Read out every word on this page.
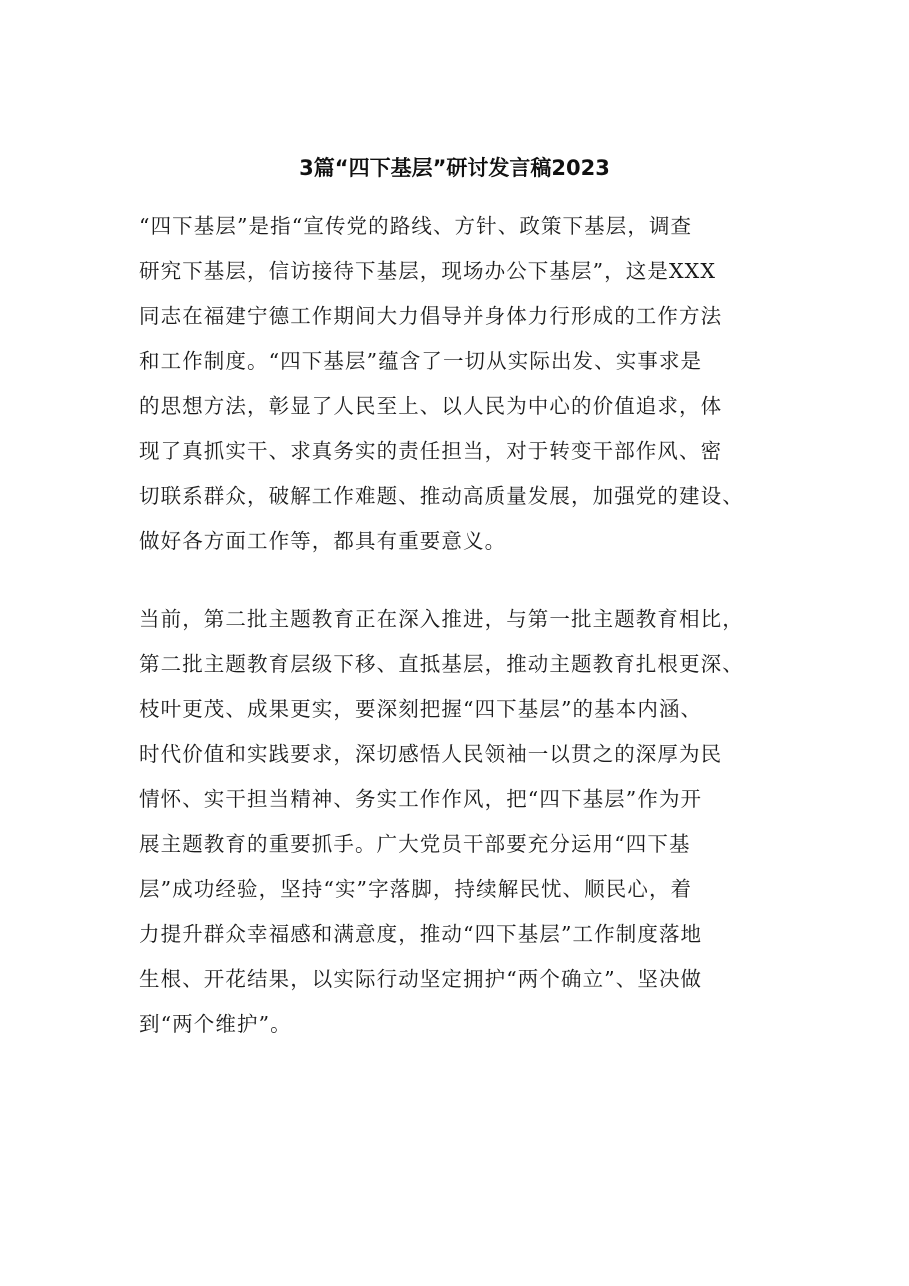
3篇“四下基层”研讨发言稿2023
“四下基层”是指“宣传党的路线、方针、政策下基层，调查
研究下基层，信访接待下基层，现场办公下基层”，这是XXX
同志在福建宁德工作期间大力倡导并身体力行形成的工作方法
和工作制度。“四下基层”蕴含了一切从实际出发、实事求是
的思想方法，彰显了人民至上、以人民为中心的价值追求，体
现了真抓实干、求真务实的责任担当，对于转变干部作风、密
切联系群众，破解工作难题、推动高质量发展，加强党的建设、
做好各方面工作等，都具有重要意义。
当前，第二批主题教育正在深入推进，与第一批主题教育相比，
第二批主题教育层级下移、直抵基层，推动主题教育扎根更深、
枝叶更茂、成果更实，要深刻把握“四下基层”的基本内涵、
时代价值和实践要求，深切感悟人民领袖一以贯之的深厚为民
情怀、实干担当精神、务实工作作风，把“四下基层”作为开
展主题教育的重要抓手。广大党员干部要充分运用“四下基
层”成功经验，坚持“实”字落脚，持续解民忧、顺民心，着
力提升群众幸福感和满意度，推动“四下基层”工作制度落地
生根、开花结果，以实际行动坚定拥护“两个确立”、坚决做
到“两个维护”。
